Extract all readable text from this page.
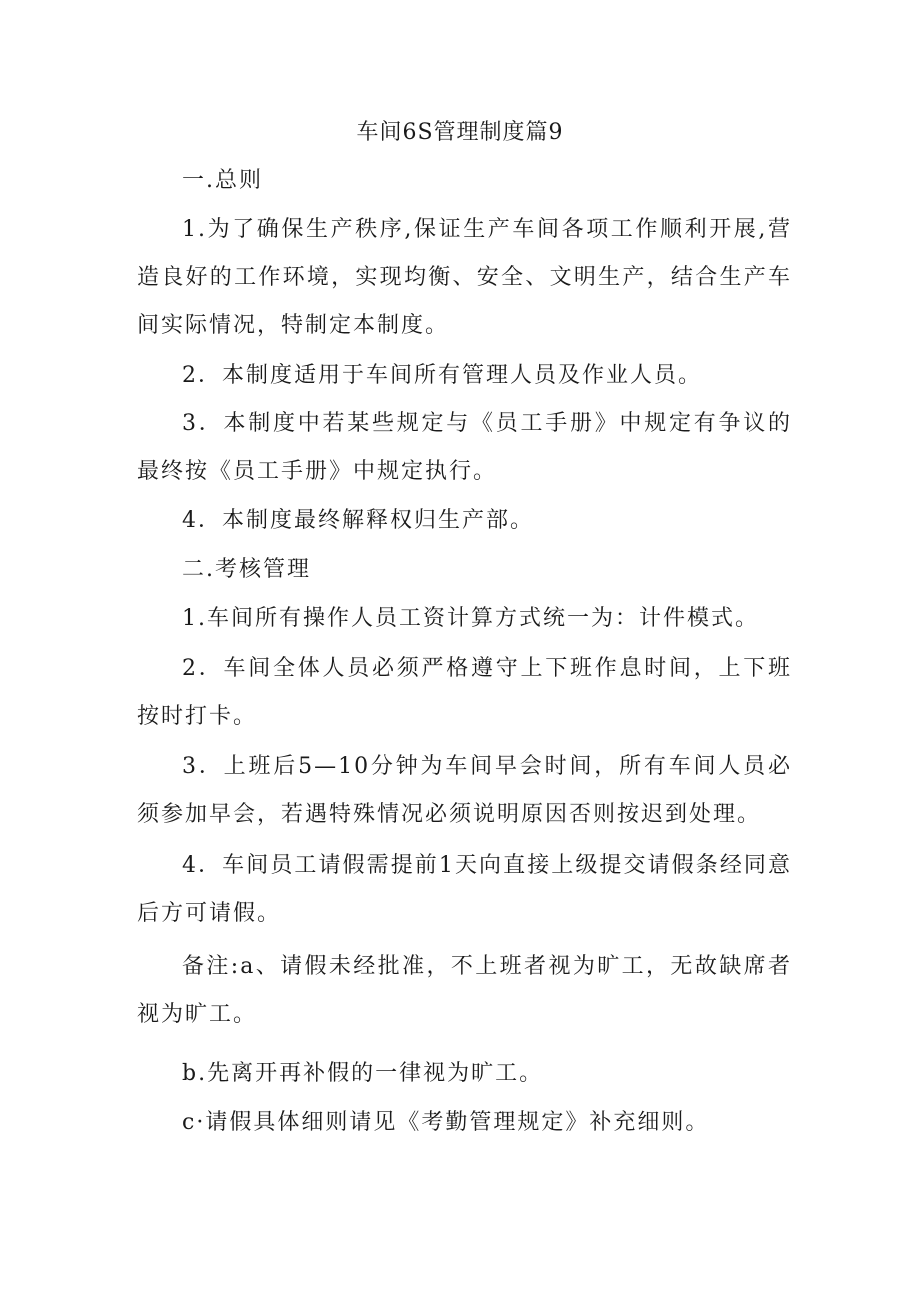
车间6S管理制度篇9
一.总则
1.为了确保生产秩序,保证生产车间各项工作顺利开展,营造良好的工作环境，实现均衡、安全、文明生产，结合生产车间实际情况，特制定本制度。
2．本制度适用于车间所有管理人员及作业人员。
3．本制度中若某些规定与《员工手册》中规定有争议的最终按《员工手册》中规定执行。
4．本制度最终解释权归生产部。
二.考核管理
1.车间所有操作人员工资计算方式统一为：计件模式。
2．车间全体人员必须严格遵守上下班作息时间，上下班按时打卡。
3．上班后5—10分钟为车间早会时间，所有车间人员必须参加早会，若遇特殊情况必须说明原因否则按迟到处理。
4．车间员工请假需提前1天向直接上级提交请假条经同意后方可请假。
备注:a、请假未经批准，不上班者视为旷工，无故缺席者视为旷工。
b.先离开再补假的一律视为旷工。
c·请假具体细则请见《考勤管理规定》补充细则。
